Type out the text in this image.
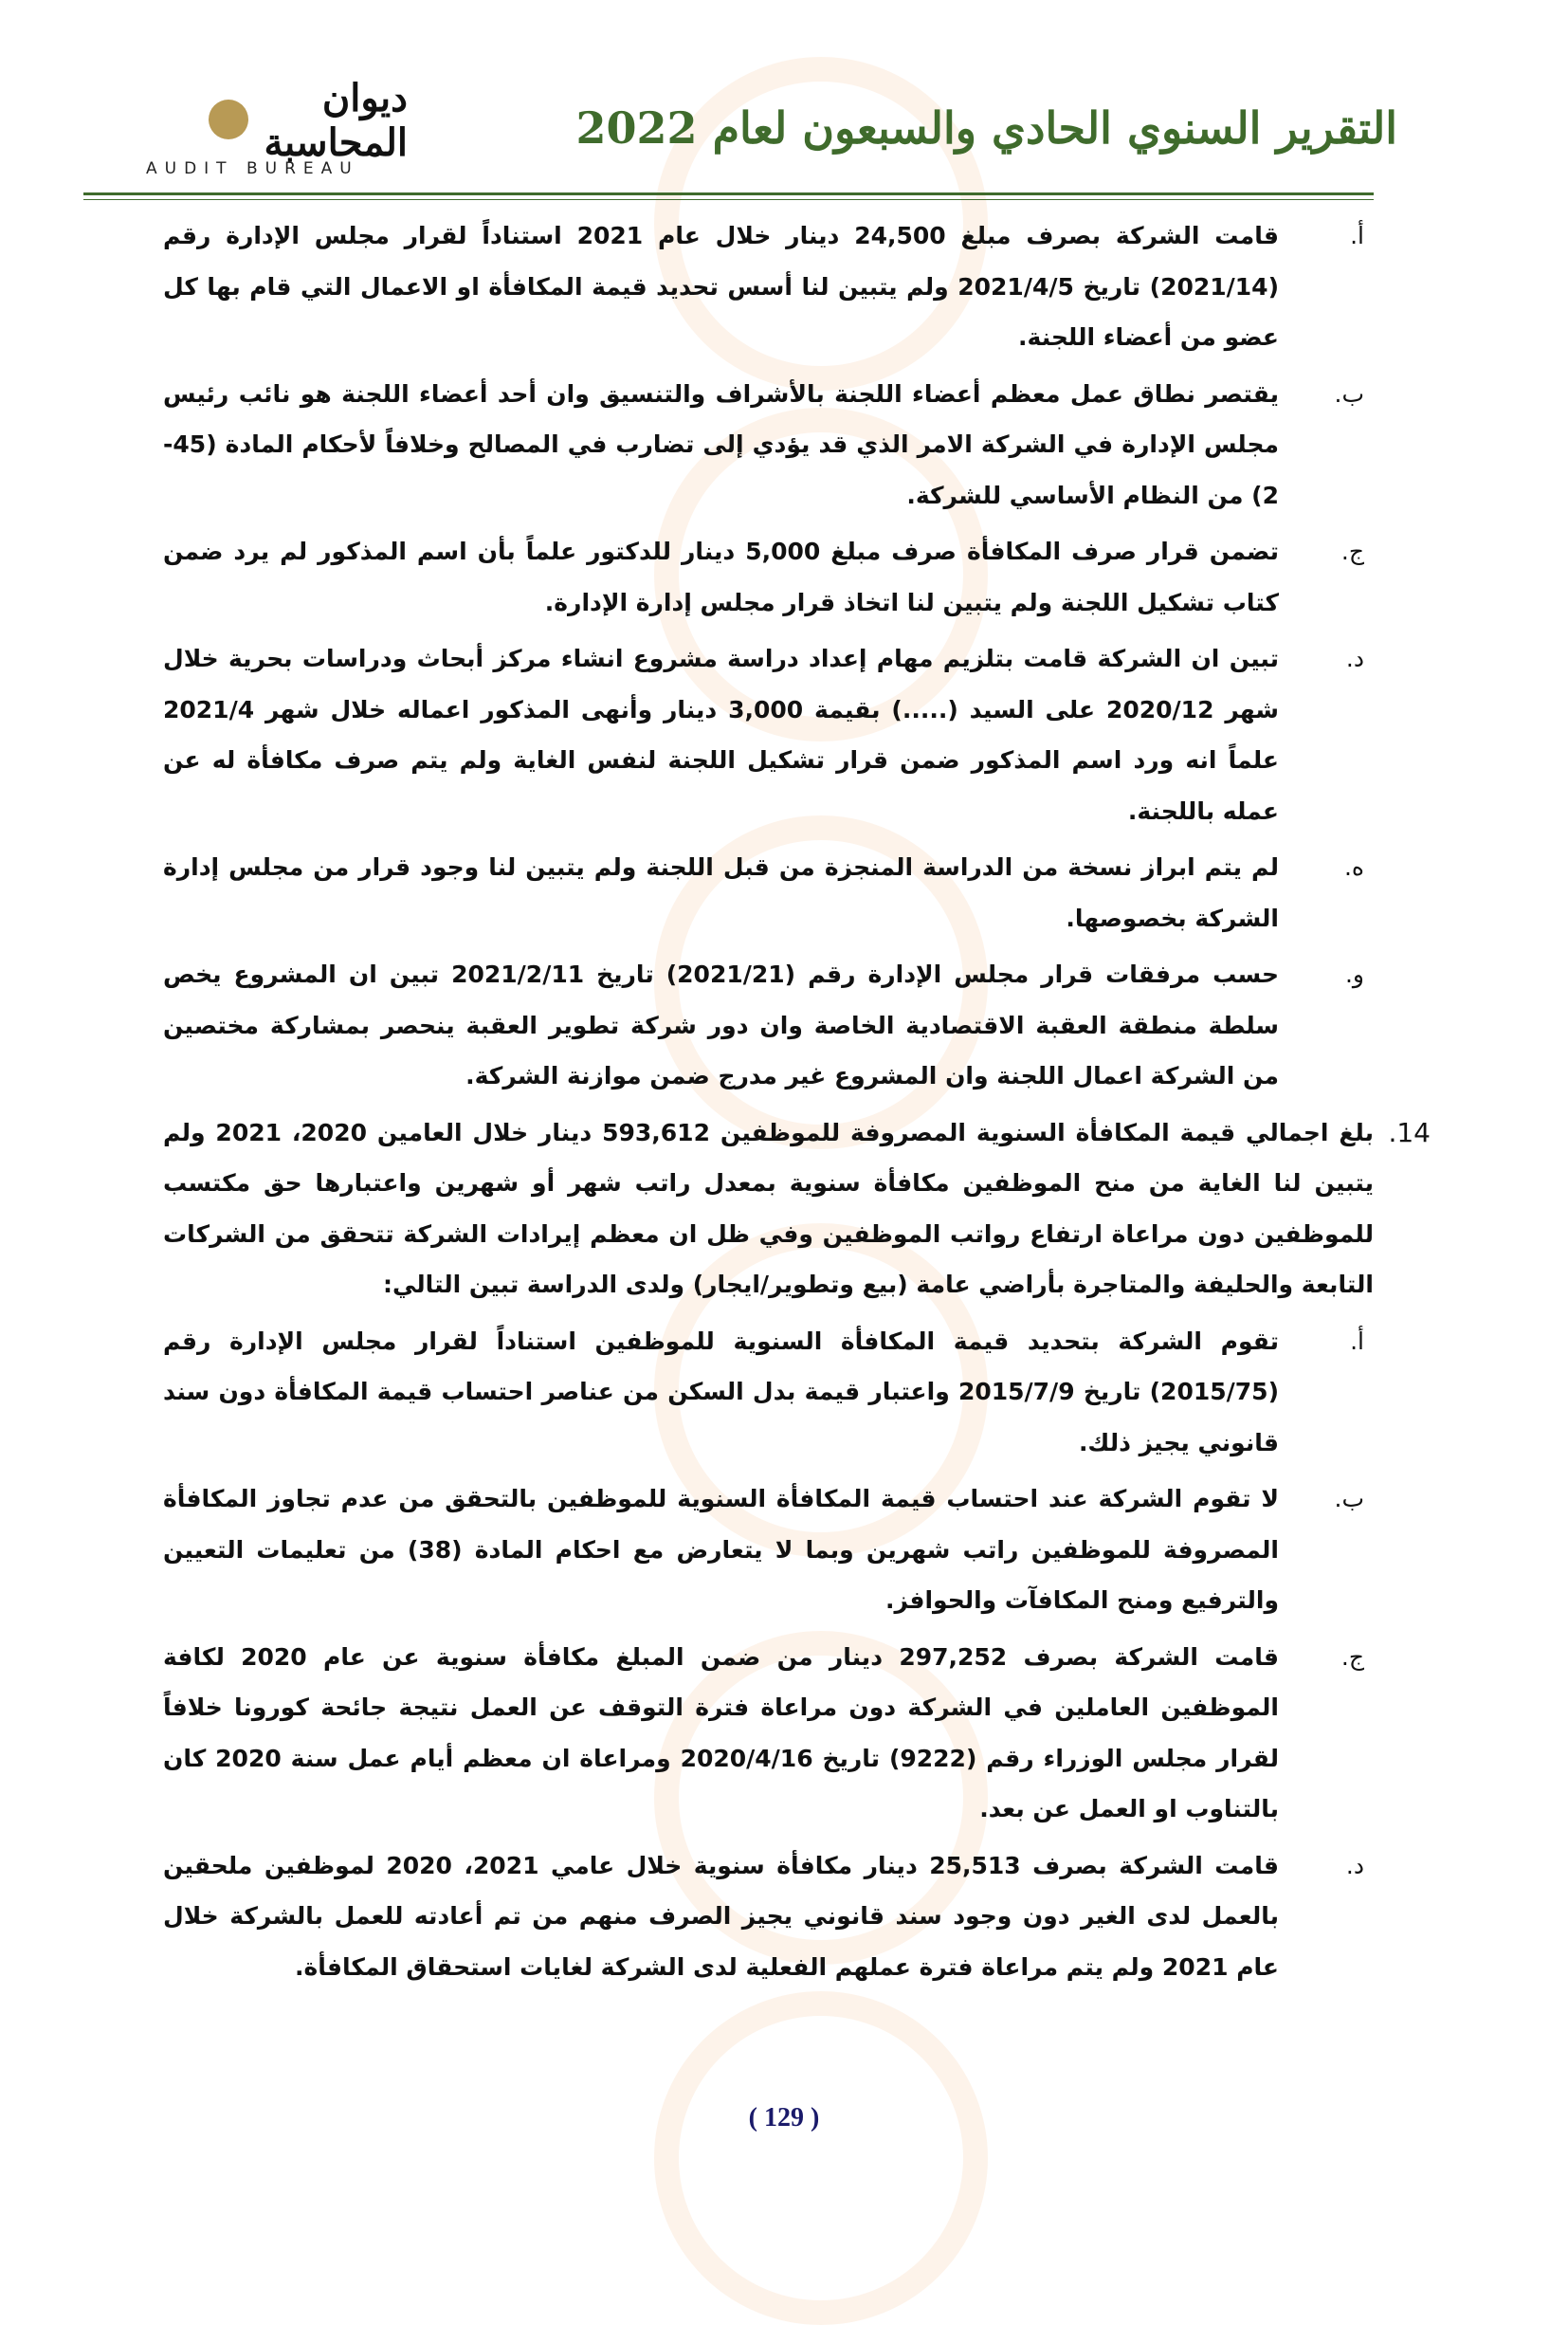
ديوان المحاسبة
AUDIT BUREAU
التقرير السنوي الحادي والسبعون لعام 2022
أ.
قامت الشركة بصرف مبلغ 24,500 دينار خلال عام 2021 استناداً لقرار مجلس الإدارة رقم (2021/14) تاريخ 2021/4/5 ولم يتبين لنا أسس تحديد قيمة المكافأة او الاعمال التي قام بها كل عضو من أعضاء اللجنة.
ب.
يقتصر نطاق عمل معظم أعضاء اللجنة بالأشراف والتنسيق وان أحد أعضاء اللجنة هو نائب رئيس مجلس الإدارة في الشركة الامر الذي قد يؤدي إلى تضارب في المصالح وخلافاً لأحكام المادة (45-2) من النظام الأساسي للشركة.
ج.
تضمن قرار صرف المكافأة صرف مبلغ 5,000 دينار للدكتور علماً بأن اسم المذكور لم يرد ضمن كتاب تشكيل اللجنة ولم يتبين لنا اتخاذ قرار مجلس إدارة الإدارة.
د.
تبين ان الشركة قامت بتلزيم مهام إعداد دراسة مشروع انشاء مركز أبحاث ودراسات بحرية خلال شهر 2020/12 على السيد (.....) بقيمة 3,000 دينار وأنهى المذكور اعماله خلال شهر 2021/4 علماً انه ورد اسم المذكور ضمن قرار تشكيل اللجنة لنفس الغاية ولم يتم صرف مكافأة له عن عمله باللجنة.
ه.
لم يتم ابراز نسخة من الدراسة المنجزة من قبل اللجنة ولم يتبين لنا وجود قرار من مجلس إدارة الشركة بخصوصها.
و.
حسب مرفقات قرار مجلس الإدارة رقم (2021/21) تاريخ 2021/2/11 تبين ان المشروع يخص سلطة منطقة العقبة الاقتصادية الخاصة وان دور شركة تطوير العقبة ينحصر بمشاركة مختصين من الشركة اعمال اللجنة وان المشروع غير مدرج ضمن موازنة الشركة.
14.
بلغ اجمالي قيمة المكافأة السنوية المصروفة للموظفين 593,612 دينار خلال العامين 2020، 2021 ولم يتبين لنا الغاية من منح الموظفين مكافأة سنوية بمعدل راتب شهر أو شهرين واعتبارها حق مكتسب للموظفين دون مراعاة ارتفاع رواتب الموظفين وفي ظل ان معظم إيرادات الشركة تتحقق من الشركات التابعة والحليفة والمتاجرة بأراضي عامة (بيع وتطوير/ايجار) ولدى الدراسة تبين التالي:
أ.
تقوم الشركة بتحديد قيمة المكافأة السنوية للموظفين استناداً لقرار مجلس الإدارة رقم (2015/75) تاريخ 2015/7/9 واعتبار قيمة بدل السكن من عناصر احتساب قيمة المكافأة دون سند قانوني يجيز ذلك.
ب.
لا تقوم الشركة عند احتساب قيمة المكافأة السنوية للموظفين بالتحقق من عدم تجاوز المكافأة المصروفة للموظفين راتب شهرين وبما لا يتعارض مع احكام المادة (38) من تعليمات التعيين والترفيع ومنح المكافآت والحوافز.
ج.
قامت الشركة بصرف 297,252 دينار من ضمن المبلغ مكافأة سنوية عن عام 2020 لكافة الموظفين العاملين في الشركة دون مراعاة فترة التوقف عن العمل نتيجة جائحة كورونا خلافاً لقرار مجلس الوزراء رقم (9222) تاريخ 2020/4/16 ومراعاة ان معظم أيام عمل سنة 2020 كان بالتناوب او العمل عن بعد.
د.
قامت الشركة بصرف 25,513 دينار مكافأة سنوية خلال عامي 2021، 2020 لموظفين ملحقين بالعمل لدى الغير دون وجود سند قانوني يجيز الصرف منهم من تم أعادته للعمل بالشركة خلال عام 2021 ولم يتم مراعاة فترة عملهم الفعلية لدى الشركة لغايات استحقاق المكافأة.
( 129 )
